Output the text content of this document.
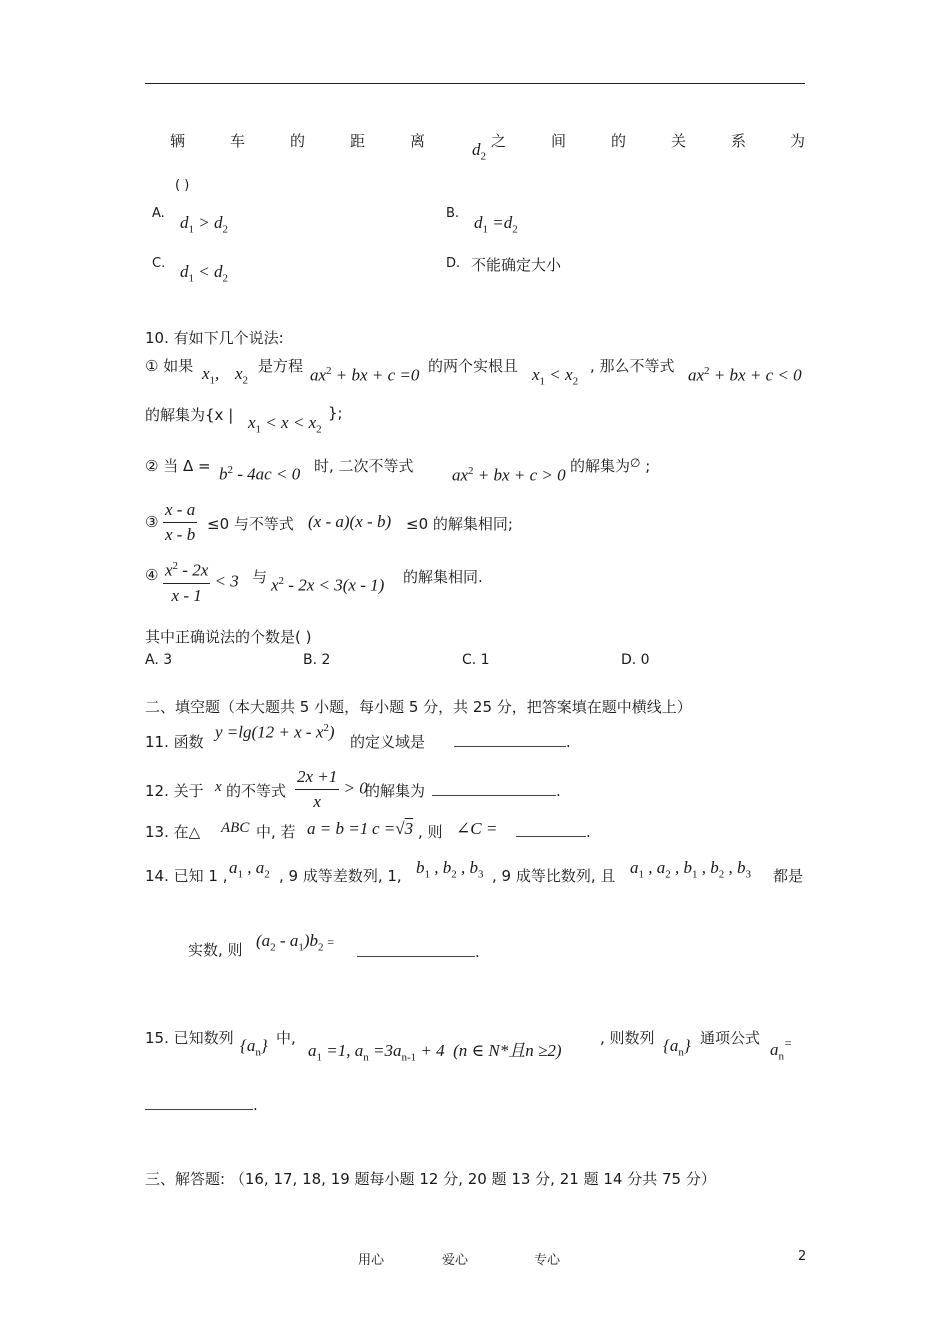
辆	车	的	距	离	$d_2$
之	间	的	关	系	为
( )
A. $d_1 > d_2$
B. $d_1 =d_2$
C. $d_1 < d_2$
D. 不能确定大小
10. 有如下几个说法:
① 如果 $x_1$, $x_2$
是方程 $ax^2$ + bx + c =0 的两个实根且 $x_1 < x_2$
, 那么不等式 $ax^2$ + bx + c < 0
的解集为{x | $x_1 < x < x_2$
};
② 当 $\Delta = b^2 - 4ac < 0$ 时, 二次不等式 $ax^2$ + bx + c > 0 的解集为∅ ;
③ $\frac{x - a}{x - b} \le 0$ 与不等式 (x - a)(x - b) ≤0 的解集相同;
④ $\frac{x^2 - 2x}{x - 1} < 3$ 与 $x^2 - 2x < 3(x - 1)$ 的解集相同.
其中正确说法的个数是( )
A. 3	B. 2	C. 1	D. 0
二、填空题（本大题共 5 小题，每小题 5 分，共 25 分，把答案填在题中横线上）
11. 函数
$y =\lg(12 + x - x^2)$
的定义域是	.
12. 关于 x 的不等式 $\frac{2x +1}{x} > 0$
的解集为	.
13. 在△ ABC 中, 若 a = b =1 c =√3 , 则 ∠C =	.
14. 已知 1 , $a_1$ , $a_2$ , 9 成等差数列, 1, $b_1$ , $b_2$ , $b_3$ , 9 成等比数列, 且 $a_1$ , $a_2$ , $b_1$ , $b_2$ , $b_3$ 都是
实数, 则 $(a_2 - a_1)b_2$ =
.
15. 已知数列 $\{a_n\}$ 中,
$a_1 =1$, $a_n =3a_{n-1} + 4$ (n ∈ N*且n ≥2)
, 则数列 $\{a_n\}$ 通项公式
$a_n^=$
.
三、解答题: （16, 17, 18, 19 题每小题 12 分, 20 题 13 分, 21 题 14 分共 75 分）
用心	爱心	专心	2
